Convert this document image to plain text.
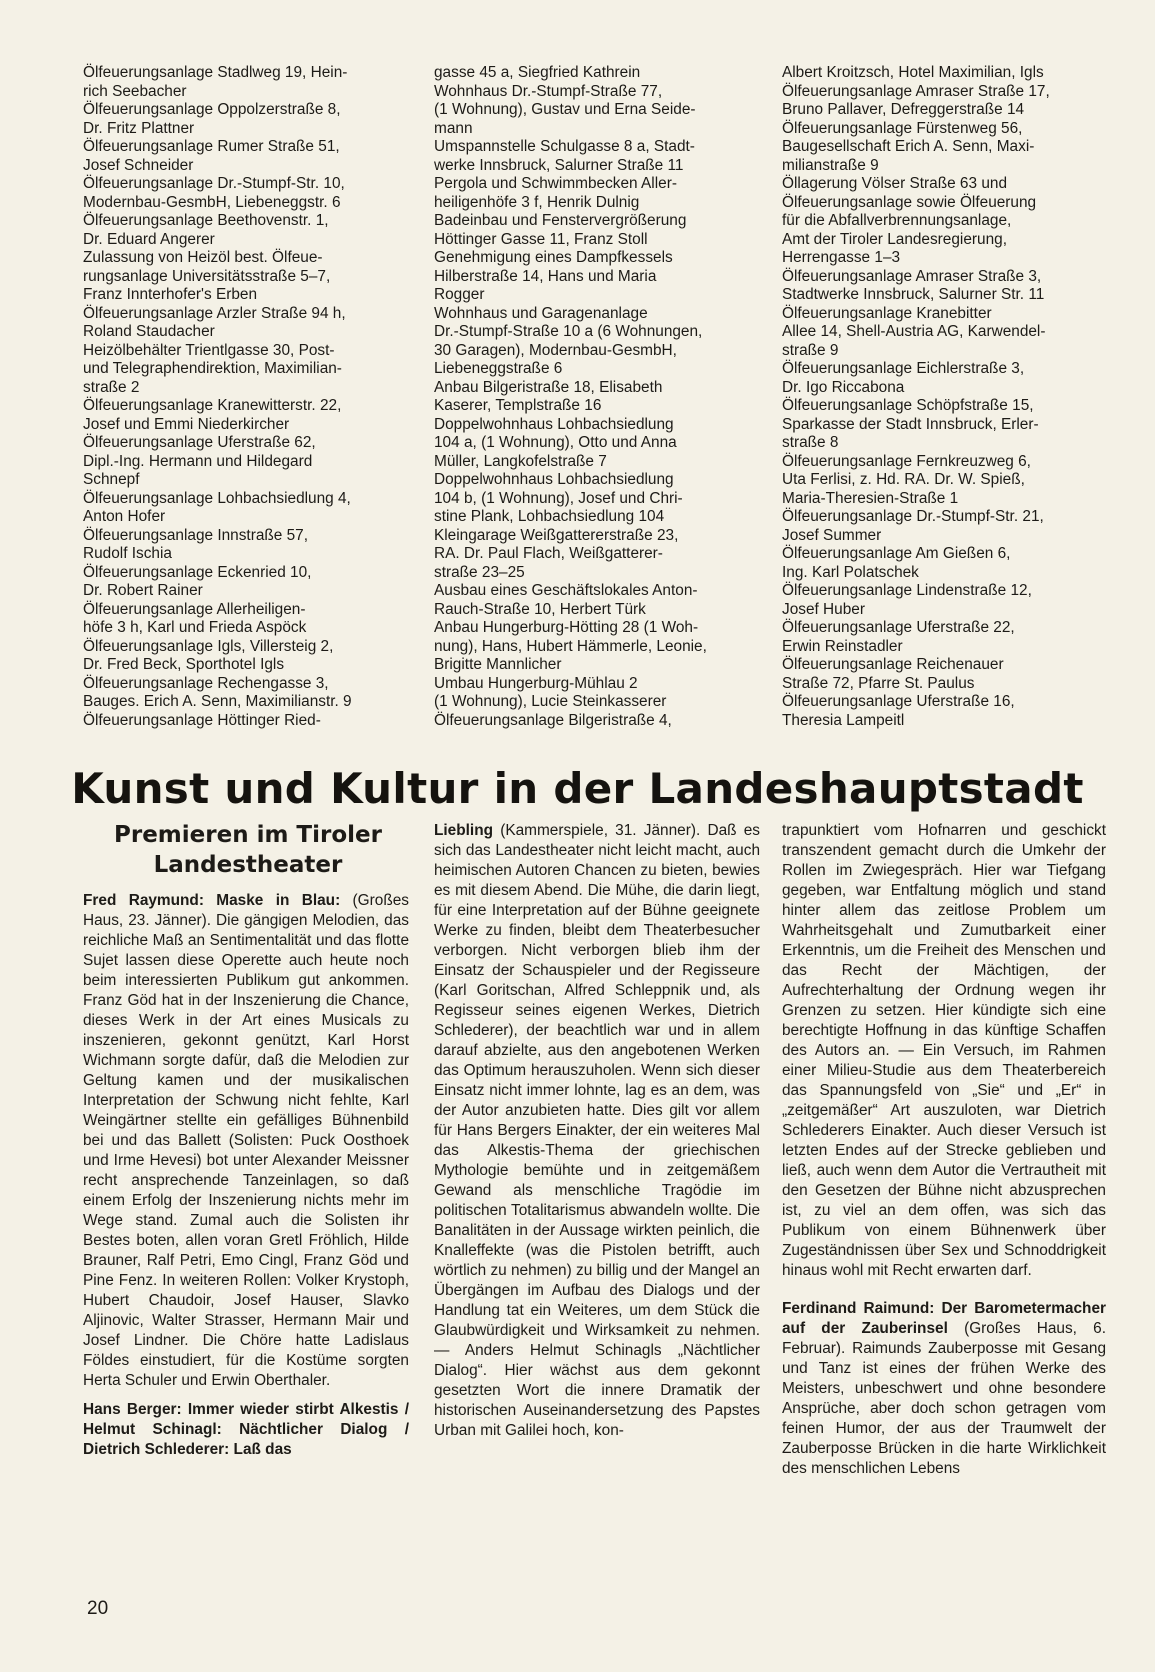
Ölfeuerungsanlage Stadlweg 19, Hein-
rich Seebacher
Ölfeuerungsanlage Oppolzerstraße 8,
Dr. Fritz Plattner
Ölfeuerungsanlage Rumer Straße 51,
Josef Schneider
Ölfeuerungsanlage Dr.-Stumpf-Str. 10,
Modernbau-GesmbH, Liebeneggstr. 6
Ölfeuerungsanlage Beethovenstr. 1,
Dr. Eduard Angerer
Zulassung von Heizöl best. Ölfeue-
rungsanlage Universitätsstraße 5–7,
Franz Innterhofer's Erben
Ölfeuerungsanlage Arzler Straße 94 h,
Roland Staudacher
Heizölbehälter Trientlgasse 30, Post-
und Telegraphendirektion, Maximilian-
straße 2
Ölfeuerungsanlage Kranewitterstr. 22,
Josef und Emmi Niederkircher
Ölfeuerungsanlage Uferstraße 62,
Dipl.-Ing. Hermann und Hildegard
Schnepf
Ölfeuerungsanlage Lohbachsiedlung 4,
Anton Hofer
Ölfeuerungsanlage Innstraße 57,
Rudolf Ischia
Ölfeuerungsanlage Eckenried 10,
Dr. Robert Rainer
Ölfeuerungsanlage Allerheiligen-
höfe 3 h, Karl und Frieda Aspöck
Ölfeuerungsanlage Igls, Villersteig 2,
Dr. Fred Beck, Sporthotel Igls
Ölfeuerungsanlage Rechengasse 3,
Bauges. Erich A. Senn, Maximilianstr. 9
Ölfeuerungsanlage Höttinger Ried-
gasse 45 a, Siegfried Kathrein
Wohnhaus Dr.-Stumpf-Straße 77,
(1 Wohnung), Gustav und Erna Seide-
mann
Umspannstelle Schulgasse 8 a, Stadt-
werke Innsbruck, Salurner Straße 11
Pergola und Schwimmbecken Aller-
heiligenhöfe 3 f, Henrik Dulnig
Badeinbau und Fenstervergrößerung
Höttinger Gasse 11, Franz Stoll
Genehmigung eines Dampfkessels
Hilberstraße 14, Hans und Maria
Rogger
Wohnhaus und Garagenanlage
Dr.-Stumpf-Straße 10 a (6 Wohnungen,
30 Garagen), Modernbau-GesmbH,
Liebeneggstraße 6
Anbau Bilgeristraße 18, Elisabeth
Kaserer, Templstraße 16
Doppelwohnhaus Lohbachsiedlung
104 a, (1 Wohnung), Otto und Anna
Müller, Langkofelstraße 7
Doppelwohnhaus Lohbachsiedlung
104 b, (1 Wohnung), Josef und Chri-
stine Plank, Lohbachsiedlung 104
Kleingarage Weißgattererstraße 23,
RA. Dr. Paul Flach, Weißgatterer-
straße 23–25
Ausbau eines Geschäftslokales Anton-
Rauch-Straße 10, Herbert Türk
Anbau Hungerburg-Hötting 28 (1 Woh-
nung), Hans, Hubert Hämmerle, Leonie,
Brigitte Mannlicher
Umbau Hungerburg-Mühlau 2
(1 Wohnung), Lucie Steinkasserer
Ölfeuerungsanlage Bilgeristraße 4,
Albert Kroitzsch, Hotel Maximilian, Igls
Ölfeuerungsanlage Amraser Straße 17,
Bruno Pallaver, Defreggerstraße 14
Ölfeuerungsanlage Fürstenweg 56,
Baugesellschaft Erich A. Senn, Maxi-
milianstraße 9
Öllagerung Völser Straße 63 und
Ölfeuerungsanlage sowie Ölfeuerung
für die Abfallverbrennungsanlage,
Amt der Tiroler Landesregierung,
Herrengasse 1–3
Ölfeuerungsanlage Amraser Straße 3,
Stadtwerke Innsbruck, Salurner Str. 11
Ölfeuerungsanlage Kranebitter
Allee 14, Shell-Austria AG, Karwendel-
straße 9
Ölfeuerungsanlage Eichlerstraße 3,
Dr. Igo Riccabona
Ölfeuerungsanlage Schöpfstraße 15,
Sparkasse der Stadt Innsbruck, Erler-
straße 8
Ölfeuerungsanlage Fernkreuzweg 6,
Uta Ferlisi, z. Hd. RA. Dr. W. Spieß,
Maria-Theresien-Straße 1
Ölfeuerungsanlage Dr.-Stumpf-Str. 21,
Josef Summer
Ölfeuerungsanlage Am Gießen 6,
Ing. Karl Polatschek
Ölfeuerungsanlage Lindenstraße 12,
Josef Huber
Ölfeuerungsanlage Uferstraße 22,
Erwin Reinstadler
Ölfeuerungsanlage Reichenauer
Straße 72, Pfarre St. Paulus
Ölfeuerungsanlage Uferstraße 16,
Theresia Lampeitl
Kunst und Kultur in der Landeshauptstadt
Premieren im Tiroler Landestheater

Fred Raymund: Maske in Blau: (Großes Haus, 23. Jänner). Die gängigen Melodien, das reichliche Maß an Sentimentalität und das flotte Sujet lassen diese Operette auch heute noch beim interessierten Publikum gut ankommen. Franz Göd hat in der Inszenierung die Chance, dieses Werk in der Art eines Musicals zu inszenieren, gekonnt genützt, Karl Horst Wichmann sorgte dafür, daß die Melodien zur Geltung kamen und der musikalischen Interpretation der Schwung nicht fehlte, Karl Weingärtner stellte ein gefälliges Bühnenbild bei und das Ballett (Solisten: Puck Oosthoek und Irme Hevesi) bot unter Alexander Meissner recht ansprechende Tanzeinlagen, so daß einem Erfolg der Inszenierung nichts mehr im Wege stand. Zumal auch die Solisten ihr Bestes boten, allen voran Gretl Fröhlich, Hilde Brauner, Ralf Petri, Emo Cingl, Franz Göd und Pine Fenz. In weiteren Rollen: Volker Krystoph, Hubert Chaudoir, Josef Hauser, Slavko Aljinovic, Walter Strasser, Hermann Mair und Josef Lindner. Die Chöre hatte Ladislaus Földes einstudiert, für die Kostüme sorgten Herta Schuler und Erwin Oberthaler.

Hans Berger: Immer wieder stirbt Alkestis / Helmut Schinagl: Nächtlicher Dialog / Dietrich Schlederer: Laß das

Liebling (Kammerspiele, 31. Jänner). Daß es sich das Landestheater nicht leicht macht, auch heimischen Autoren Chancen zu bieten, bewies es mit diesem Abend. Die Mühe, die darin liegt, für eine Interpretation auf der Bühne geeignete Werke zu finden, bleibt dem Theaterbesucher verborgen. Nicht verborgen blieb ihm der Einsatz der Schauspieler und der Regisseure (Karl Goritschan, Alfred Schleppnik und, als Regisseur seines eigenen Werkes, Dietrich Schlederer), der beachtlich war und in allem darauf abzielte, aus den angebotenen Werken das Optimum herauszuholen. Wenn sich dieser Einsatz nicht immer lohnte, lag es an dem, was der Autor anzubieten hatte. Dies gilt vor allem für Hans Bergers Einakter, der ein weiteres Mal das Alkestis-Thema der griechischen Mythologie bemühte und in zeitgemäßem Gewand als menschliche Tragödie im politischen Totalitarismus abwandeln wollte. Die Banalitäten in der Aussage wirkten peinlich, die Knalleffekte (was die Pistolen betrifft, auch wörtlich zu nehmen) zu billig und der Mangel an Übergängen im Aufbau des Dialogs und der Handlung tat ein Weiteres, um dem Stück die Glaubwürdigkeit und Wirksamkeit zu nehmen. — Anders Helmut Schinagls „Nächtlicher Dialog“. Hier wächst aus dem gekonnt gesetzten Wort die innere Dramatik der historischen Auseinandersetzung des Papstes Urban mit Galilei hoch, kon-

trapunktiert vom Hofnarren und geschickt transzendent gemacht durch die Umkehr der Rollen im Zwiegespräch. Hier war Tiefgang gegeben, war Entfaltung möglich und stand hinter allem das zeitlose Problem um Wahrheitsgehalt und Zumutbarkeit einer Erkenntnis, um die Freiheit des Menschen und das Recht der Mächtigen, der Aufrechterhaltung der Ordnung wegen ihr Grenzen zu setzen. Hier kündigte sich eine berechtigte Hoffnung in das künftige Schaffen des Autors an. — Ein Versuch, im Rahmen einer Milieu-Studie aus dem Theaterbereich das Spannungsfeld von „Sie“ und „Er“ in „zeitgemäßer“ Art auszuloten, war Dietrich Schlederers Einakter. Auch dieser Versuch ist letzten Endes auf der Strecke geblieben und ließ, auch wenn dem Autor die Vertrautheit mit den Gesetzen der Bühne nicht abzusprechen ist, zu viel an dem offen, was sich das Publikum von einem Bühnenwerk über Zugeständnissen über Sex und Schnoddrigkeit hinaus wohl mit Recht erwarten darf.

Ferdinand Raimund: Der Barometermacher auf der Zauberinsel (Großes Haus, 6. Februar). Raimunds Zauberposse mit Gesang und Tanz ist eines der frühen Werke des Meisters, unbeschwert und ohne besondere Ansprüche, aber doch schon getragen vom feinen Humor, der aus der Traumwelt der Zauberposse Brücken in die harte Wirklichkeit des menschlichen Lebens

20
